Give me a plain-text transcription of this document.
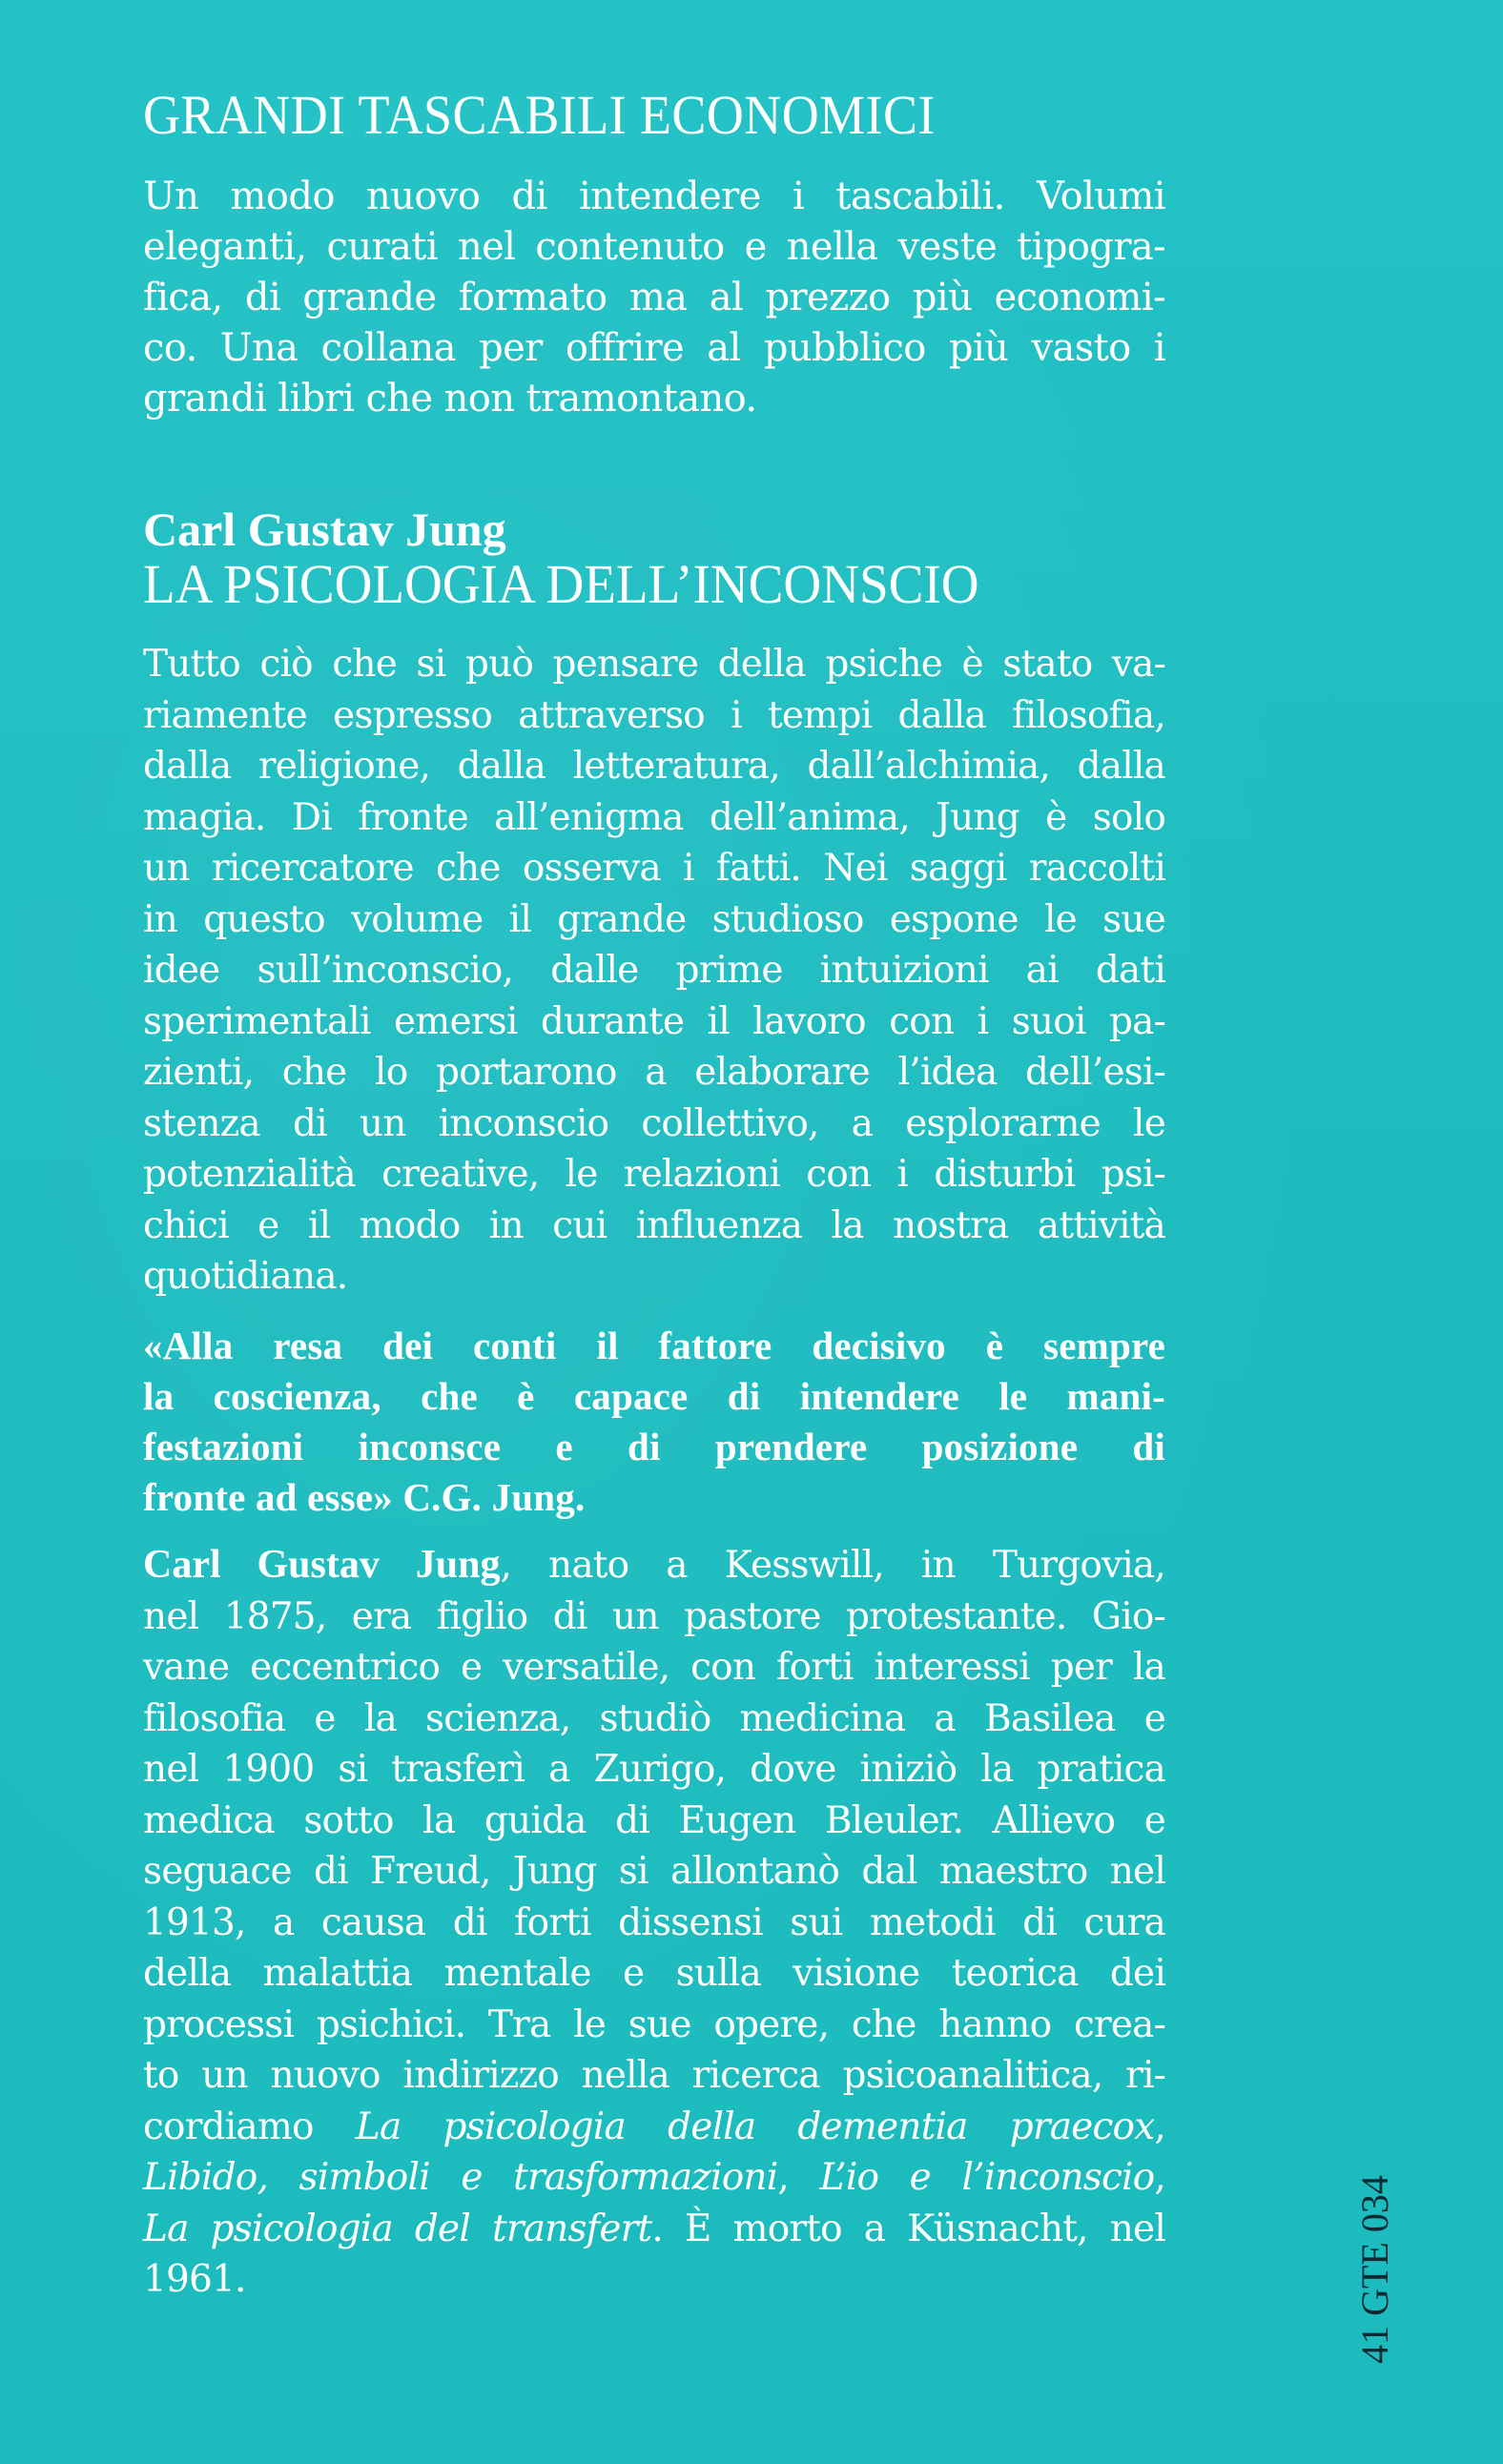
GRANDI TASCABILI ECONOMICI
Un modo nuovo di intendere i tascabili. Volumi
eleganti, curati nel contenuto e nella veste tipogra-
fica, di grande formato ma al prezzo più economi-
co. Una collana per offrire al pubblico più vasto i
grandi libri che non tramontano.
Carl Gustav Jung
LA PSICOLOGIA DELL’INCONSCIO
Tutto ciò che si può pensare della psiche è stato va-
riamente espresso attraverso i tempi dalla filosofia,
dalla religione, dalla letteratura, dall’alchimia, dalla
magia. Di fronte all’enigma dell’anima, Jung è solo
un ricercatore che osserva i fatti. Nei saggi raccolti
in questo volume il grande studioso espone le sue
idee sull’inconscio, dalle prime intuizioni ai dati
sperimentali emersi durante il lavoro con i suoi pa-
zienti, che lo portarono a elaborare l’idea dell’esi-
stenza di un inconscio collettivo, a esplorarne le
potenzialità creative, le relazioni con i disturbi psi-
chici e il modo in cui influenza la nostra attività
quotidiana.
«Alla resa dei conti il fattore decisivo è sempre
la coscienza, che è capace di intendere le mani-
festazioni inconsce e di prendere posizione di
fronte ad esse» C.G. Jung.
Carl Gustav Jung, nato a Kesswill, in Turgovia,
nel 1875, era figlio di un pastore protestante. Gio-
vane eccentrico e versatile, con forti interessi per la
filosofia e la scienza, studiò medicina a Basilea e
nel 1900 si trasferì a Zurigo, dove iniziò la pratica
medica sotto la guida di Eugen Bleuler. Allievo e
seguace di Freud, Jung si allontanò dal maestro nel
1913, a causa di forti dissensi sui metodi di cura
della malattia mentale e sulla visione teorica dei
processi psichici. Tra le sue opere, che hanno crea-
to un nuovo indirizzo nella ricerca psicoanalitica, ri-
cordiamo La psicologia della dementia praecox,
Libido, simboli e trasformazioni, L’io e l’inconscio,
La psicologia del transfert. È morto a Küsnacht, nel
1961.	41 GTE 034
